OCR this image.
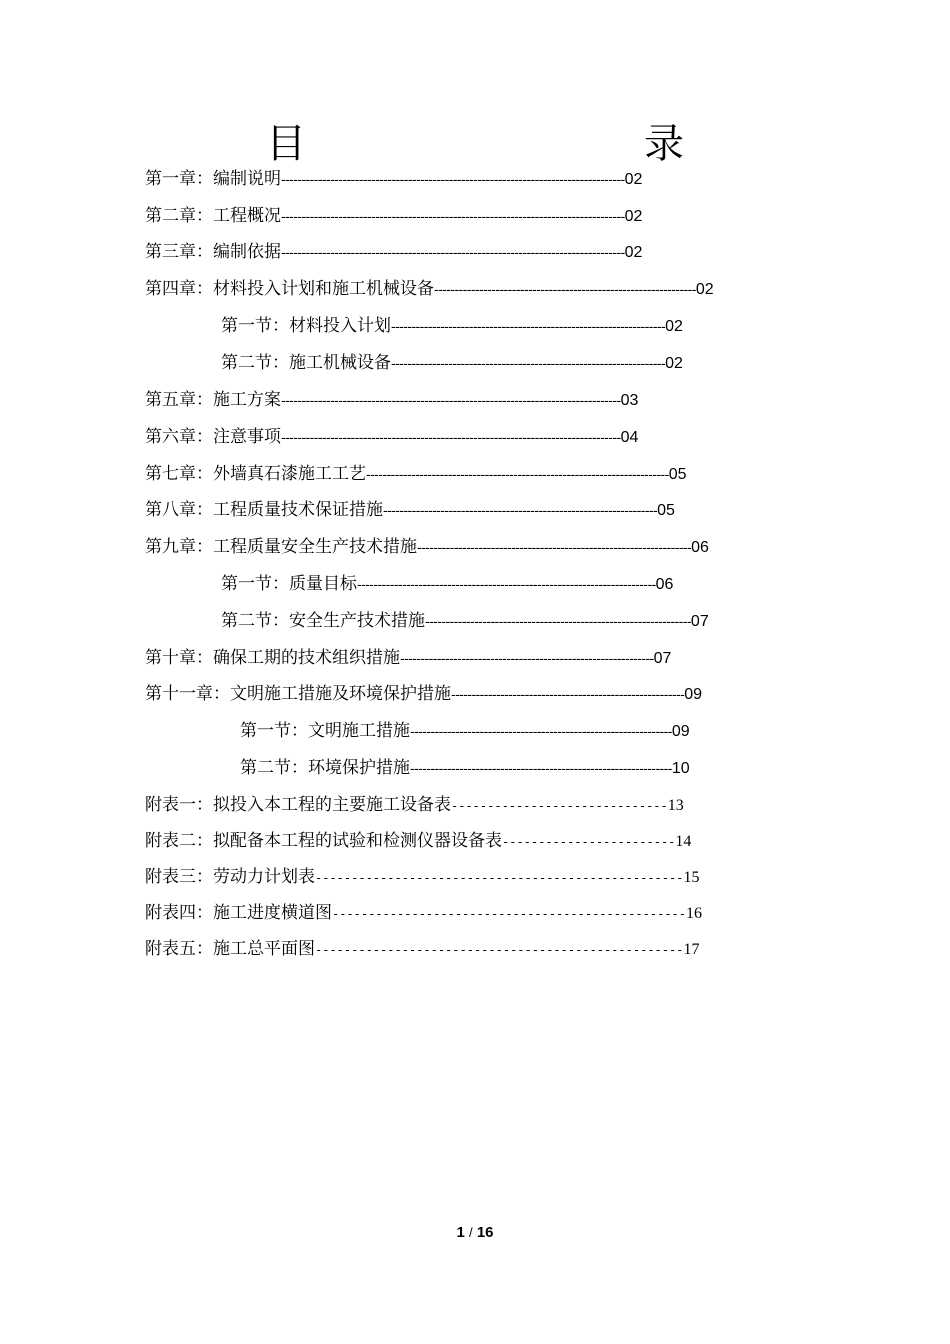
目　　录
第一章：编制说明------------------------------------------------------------------------------------02
第二章：工程概况------------------------------------------------------------------------------------02
第三章：编制依据------------------------------------------------------------------------------------02
第四章：材料投入计划和施工机械设备----------------------------------------------------------------02
第一节：材料投入计划-------------------------------------------------------------------02
第二节：施工机械设备-------------------------------------------------------------------02
第五章：施工方案-----------------------------------------------------------------------------------03
第六章：注意事项-----------------------------------------------------------------------------------04
第七章：外墙真石漆施工工艺--------------------------------------------------------------------------05
第八章：工程质量技术保证措施-------------------------------------------------------------------05
第九章：工程质量安全生产技术措施-------------------------------------------------------------------06
第一节：质量目标-------------------------------------------------------------------------06
第二节：安全生产技术措施-----------------------------------------------------------------07
第十章：确保工期的技术组织措施--------------------------------------------------------------07
第十一章：文明施工措施及环境保护措施---------------------------------------------------------09
第一节：文明施工措施----------------------------------------------------------------09
第二节：环境保护措施----------------------------------------------------------------10
附表一：拟投入本工程的主要施工设备表------------------------------13
附表二：拟配备本工程的试验和检测仪器设备表------------------------14
附表三：劳动力计划表---------------------------------------------------15
附表四：施工进度横道图-------------------------------------------------16
附表五：施工总平面图---------------------------------------------------17
1 / 16
